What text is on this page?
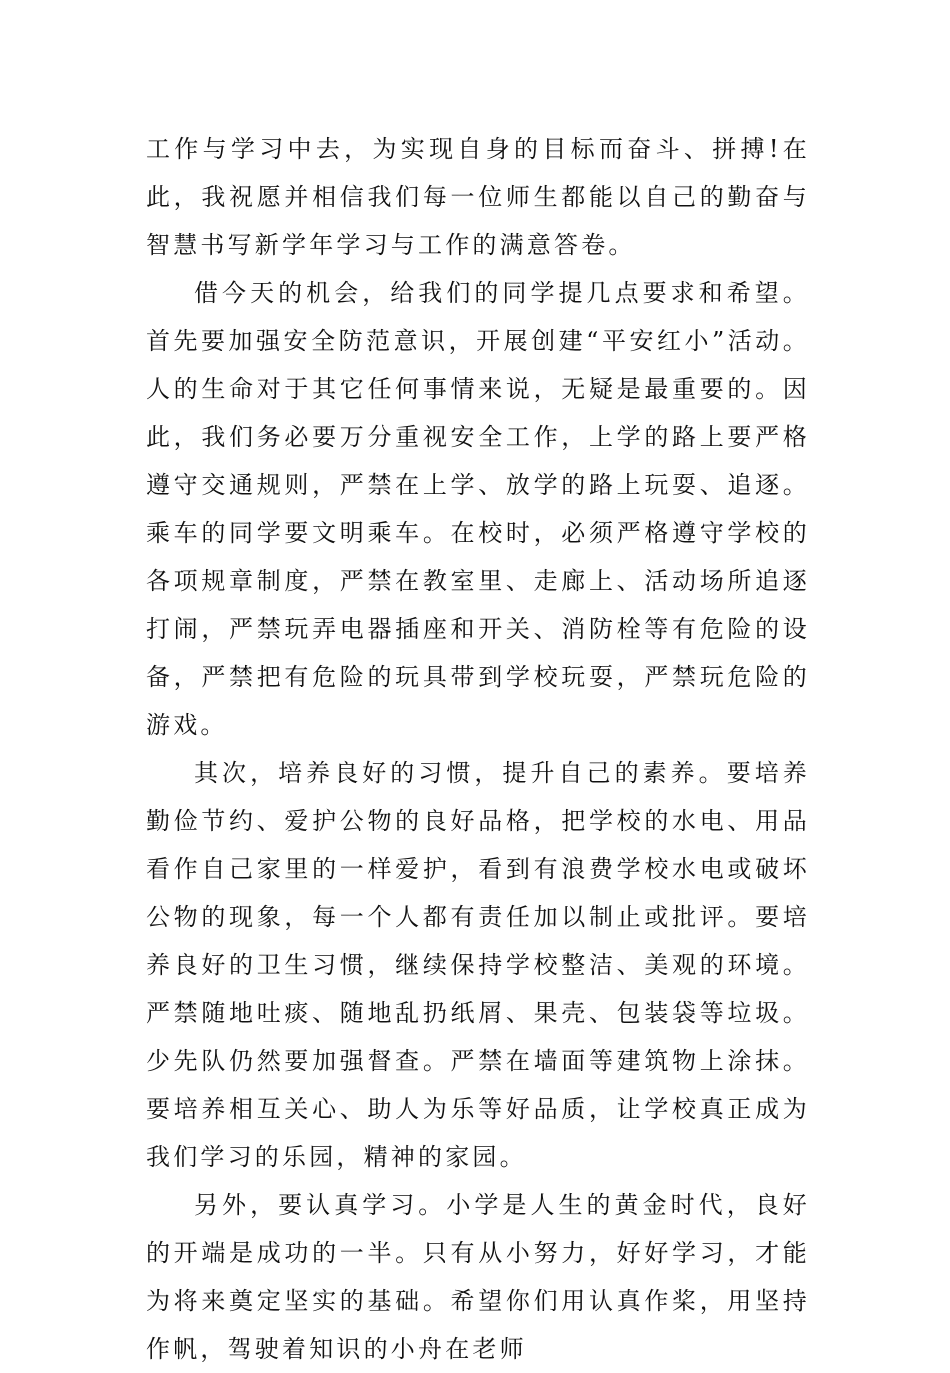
工作与学习中去，为实现自身的目标而奋斗、拼搏!在此，我祝愿并相信我们每一位师生都能以自己的勤奋与智慧书写新学年学习与工作的满意答卷。

借今天的机会，给我们的同学提几点要求和希望。首先要加强安全防范意识，开展创建“平安红小”活动。人的生命对于其它任何事情来说，无疑是最重要的。因此，我们务必要万分重视安全工作，上学的路上要严格遵守交通规则，严禁在上学、放学的路上玩耍、追逐。乘车的同学要文明乘车。在校时，必须严格遵守学校的各项规章制度，严禁在教室里、走廊上、活动场所追逐打闹，严禁玩弄电器插座和开关、消防栓等有危险的设备，严禁把有危险的玩具带到学校玩耍，严禁玩危险的游戏。

其次，培养良好的习惯，提升自己的素养。要培养勤俭节约、爱护公物的良好品格，把学校的水电、用品看作自己家里的一样爱护，看到有浪费学校水电或破坏公物的现象，每一个人都有责任加以制止或批评。要培养良好的卫生习惯，继续保持学校整洁、美观的环境。严禁随地吐痰、随地乱扔纸屑、果壳、包装袋等垃圾。少先队仍然要加强督查。严禁在墙面等建筑物上涂抹。要培养相互关心、助人为乐等好品质，让学校真正成为我们学习的乐园，精神的家园。

另外，要认真学习。小学是人生的黄金时代，良好的开端是成功的一半。只有从小努力，好好学习，才能为将来奠定坚实的基础。希望你们用认真作桨，用坚持作帆，驾驶着知识的小舟在老师
